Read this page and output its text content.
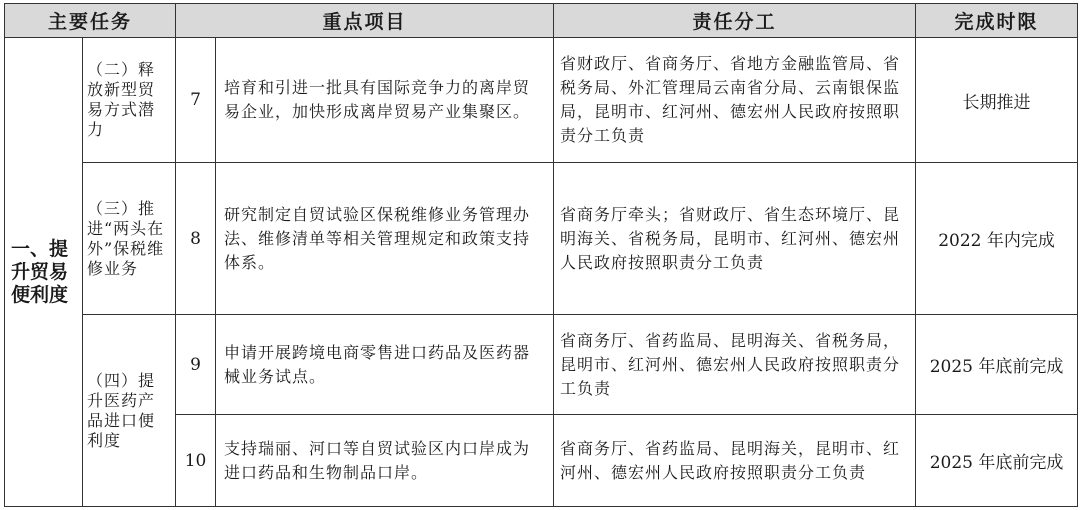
主要任务		重点项目		责任分工	完成时限
一、提升贸易便利度	（二）释放新型贸易方式潜力	7	培育和引进一批具有国际竞争力的离岸贸易企业，加快形成离岸贸易产业集聚区。	省财政厅、省商务厅、省地方金融监管局、省税务局、外汇管理局云南省分局、云南银保监局，昆明市、红河州、德宏州人民政府按照职责分工负责	长期推进
	（三）推进“两头在外”保税维修业务	8	研究制定自贸试验区保税维修业务管理办法、维修清单等相关管理规定和政策支持体系。	省商务厅牵头；省财政厅、省生态环境厅、昆明海关、省税务局，昆明市、红河州、德宏州人民政府按照职责分工负责	2022 年内完成
	（四）提升医药产品进口便利度	9	申请开展跨境电商零售进口药品及医药器械业务试点。	省商务厅、省药监局、昆明海关、省税务局，昆明市、红河州、德宏州人民政府按照职责分工负责	2025 年底前完成
		10	支持瑞丽、河口等自贸试验区内口岸成为进口药品和生物制品口岸。	省商务厅、省药监局、昆明海关，昆明市、红河州、德宏州人民政府按照职责分工负责	2025 年底前完成
